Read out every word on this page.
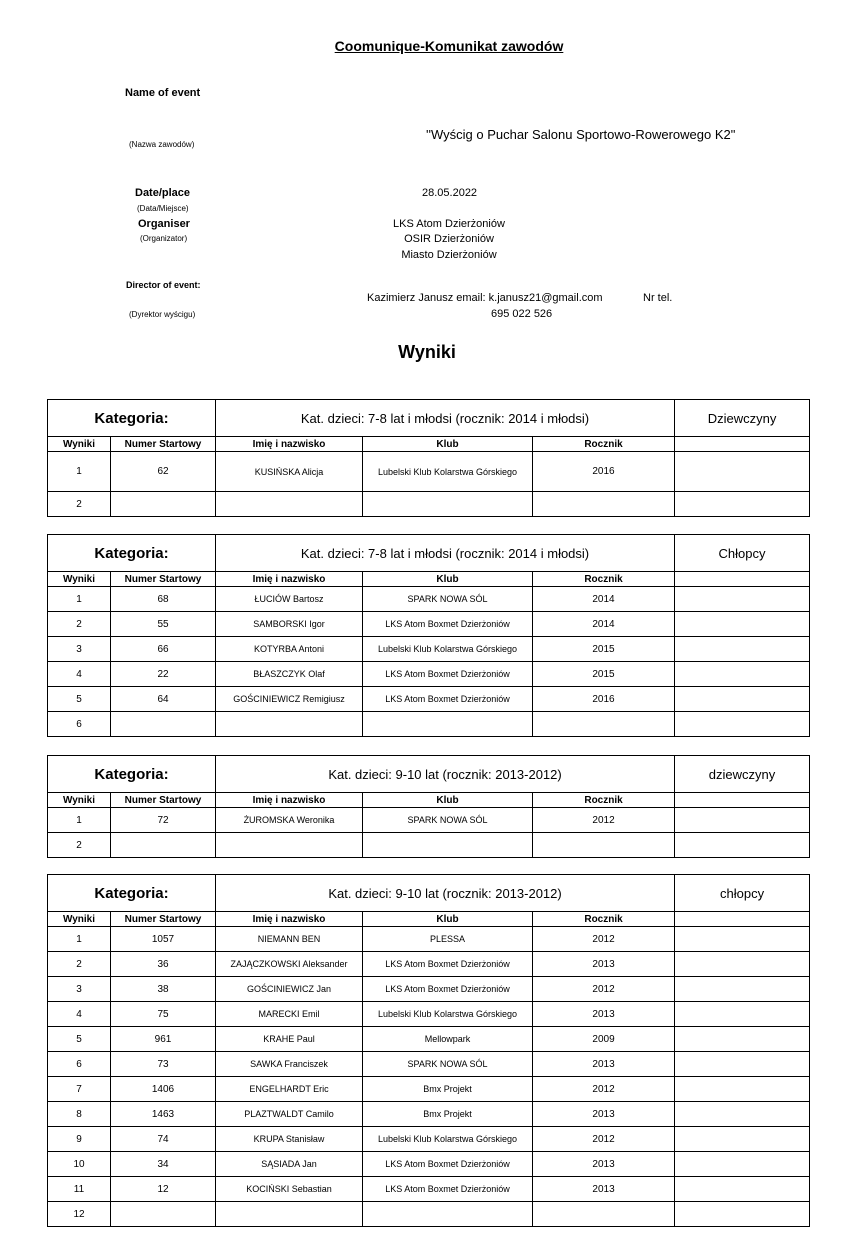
Coomunique-Komunikat zawodów
Name of event
(Nazwa zawodów)
''Wyścig o Puchar Salonu Sportowo-Rowerowego K2"
Date/place
(Data/Miejsce)
28.05.2022
Organiser
(Organizator)
LKS Atom Dzierżoniów
OSIR Dzierżoniów
Miasto Dzierżoniów
Director of event:
(Dyrektor wyścigu)
Kazimierz Janusz email: k.janusz21@gmail.com	Nr tel.
695 022 526
Wyniki
Kategoria:		Kat. dzieci: 7-8 lat i młodsi (rocznik: 2014 i młodsi)			Dziewczyny
Wyniki	Numer Startowy	Imię i nazwisko	Klub	Rocznik	
1	62	KUSIŃSKA Alicja	Lubelski Klub Kolarstwa Górskiego	2016	
2					
Kategoria:		Kat. dzieci: 7-8 lat i młodsi (rocznik: 2014 i młodsi)			Chłopcy
Wyniki	Numer Startowy	Imię i nazwisko	Klub	Rocznik	
1	68	ŁUCIÓW Bartosz	SPARK NOWA SÓL	2014	
2	55	SAMBORSKI Igor	LKS Atom Boxmet Dzierżoniów	2014	
3	66	KOTYRBA Antoni	Lubelski Klub Kolarstwa Górskiego	2015	
4	22	BŁASZCZYK Olaf	LKS Atom Boxmet Dzierżoniów	2015	
5	64	GOŚCINIEWICZ Remigiusz	LKS Atom Boxmet Dzierżoniów	2016	
6					
Kategoria:		Kat. dzieci: 9-10 lat (rocznik: 2013-2012)			dziewczyny
Wyniki	Numer Startowy	Imię i nazwisko	Klub	Rocznik	
1	72	ŻUROMSKA Weronika	SPARK NOWA SÓL	2012	
2					
Kategoria:		Kat. dzieci: 9-10 lat (rocznik: 2013-2012)			chłopcy
Wyniki	Numer Startowy	Imię i nazwisko	Klub	Rocznik	
1	1057	NIEMANN BEN	PLESSA	2012	
2	36	ZAJĄCZKOWSKI Aleksander	LKS Atom Boxmet Dzierżoniów	2013	
3	38	GOŚCINIEWICZ Jan	LKS Atom Boxmet Dzierżoniów	2012	
4	75	MARECKI Emil	Lubelski Klub Kolarstwa Górskiego	2013	
5	961	KRAHE Paul	Mellowpark	2009	
6	73	SAWKA Franciszek	SPARK NOWA SÓL	2013	
7	1406	ENGELHARDT Eric	Bmx Projekt	2012	
8	1463	PLAZTWALDT Camilo	Bmx Projekt	2013	
9	74	KRUPA Stanisław	Lubelski Klub Kolarstwa Górskiego	2012	
10	34	SĄSIADA Jan	LKS Atom Boxmet Dzierżoniów	2013	
11	12	KOCIŃSKI Sebastian	LKS Atom Boxmet Dzierżoniów	2013	
12					
